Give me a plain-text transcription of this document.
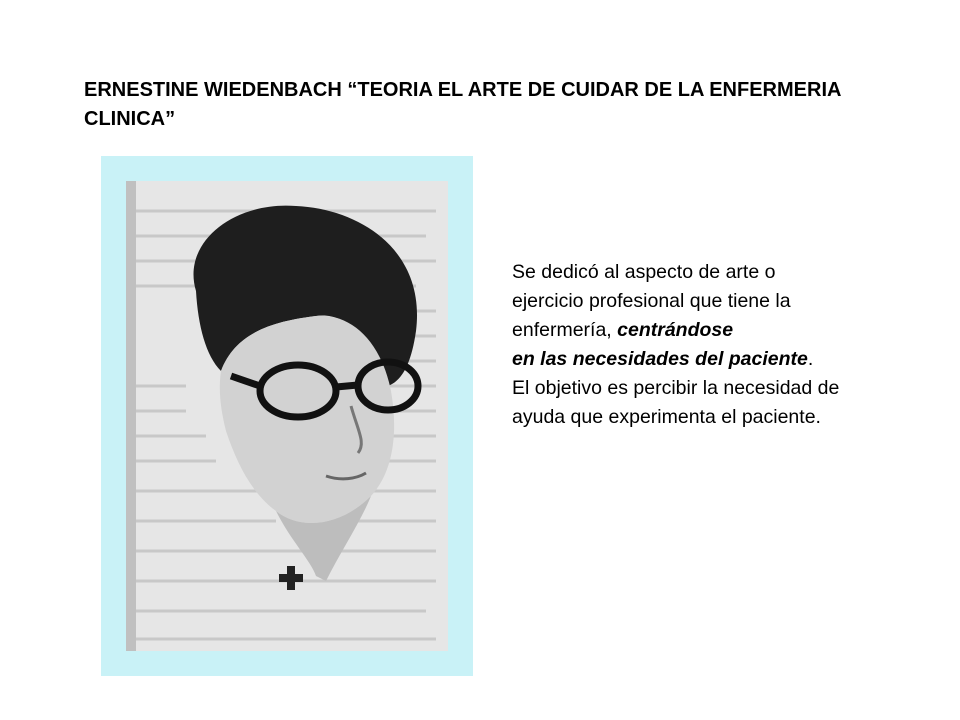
ERNESTINE WIEDENBACH “TEORIA EL ARTE DE CUIDAR DE LA ENFERMERIA CLINICA”
Se dedicó al aspecto de arte o
ejercicio profesional que tiene la
enfermería, centrándose
en las necesidades del paciente.
El objetivo es percibir la necesidad de
ayuda que experimenta el paciente.
